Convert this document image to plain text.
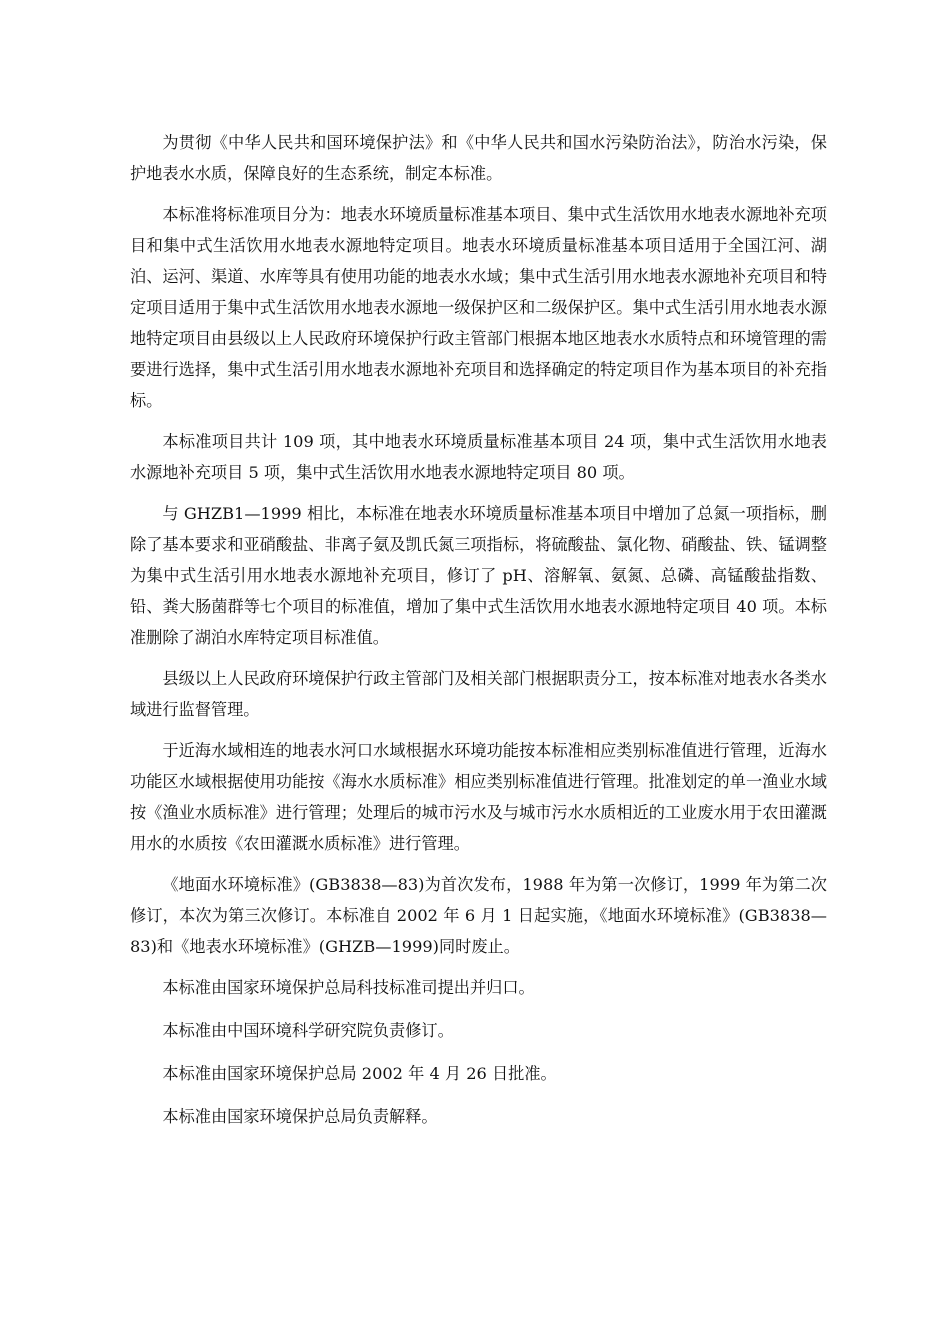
为贯彻《中华人民共和国环境保护法》和《中华人民共和国水污染防治法》，防治水污染，保护地表水水质，保障良好的生态系统，制定本标准。

本标准将标准项目分为：地表水环境质量标准基本项目、集中式生活饮用水地表水源地补充项目和集中式生活饮用水地表水源地特定项目。地表水环境质量标准基本项目适用于全国江河、湖泊、运河、渠道、水库等具有使用功能的地表水水域；集中式生活引用水地表水源地补充项目和特定项目适用于集中式生活饮用水地表水源地一级保护区和二级保护区。集中式生活引用水地表水源地特定项目由县级以上人民政府环境保护行政主管部门根据本地区地表水水质特点和环境管理的需要进行选择，集中式生活引用水地表水源地补充项目和选择确定的特定项目作为基本项目的补充指标。

本标准项目共计 109 项，其中地表水环境质量标准基本项目 24 项，集中式生活饮用水地表水源地补充项目 5 项，集中式生活饮用水地表水源地特定项目 80 项。

与 GHZB1—1999 相比，本标准在地表水环境质量标准基本项目中增加了总氮一项指标，删除了基本要求和亚硝酸盐、非离子氨及凯氏氮三项指标，将硫酸盐、氯化物、硝酸盐、铁、锰调整为集中式生活引用水地表水源地补充项目，修订了 pH、溶解氧、氨氮、总磷、高锰酸盐指数、铅、粪大肠菌群等七个项目的标准值，增加了集中式生活饮用水地表水源地特定项目 40 项。本标准删除了湖泊水库特定项目标准值。

县级以上人民政府环境保护行政主管部门及相关部门根据职责分工，按本标准对地表水各类水域进行监督管理。

于近海水域相连的地表水河口水域根据水环境功能按本标准相应类别标准值进行管理，近海水功能区水域根据使用功能按《海水水质标准》相应类别标准值进行管理。批准划定的单一渔业水域按《渔业水质标准》进行管理；处理后的城市污水及与城市污水水质相近的工业废水用于农田灌溉用水的水质按《农田灌溉水质标准》进行管理。

《地面水环境标准》(GB3838—83)为首次发布，1988 年为第一次修订，1999 年为第二次修订，本次为第三次修订。本标准自 2002 年 6 月 1 日起实施，《地面水环境标准》(GB3838—83)和《地表水环境标准》(GHZB—1999)同时废止。

本标准由国家环境保护总局科技标准司提出并归口。

本标准由中国环境科学研究院负责修订。

本标准由国家环境保护总局 2002 年 4 月 26 日批准。

本标准由国家环境保护总局负责解释。
